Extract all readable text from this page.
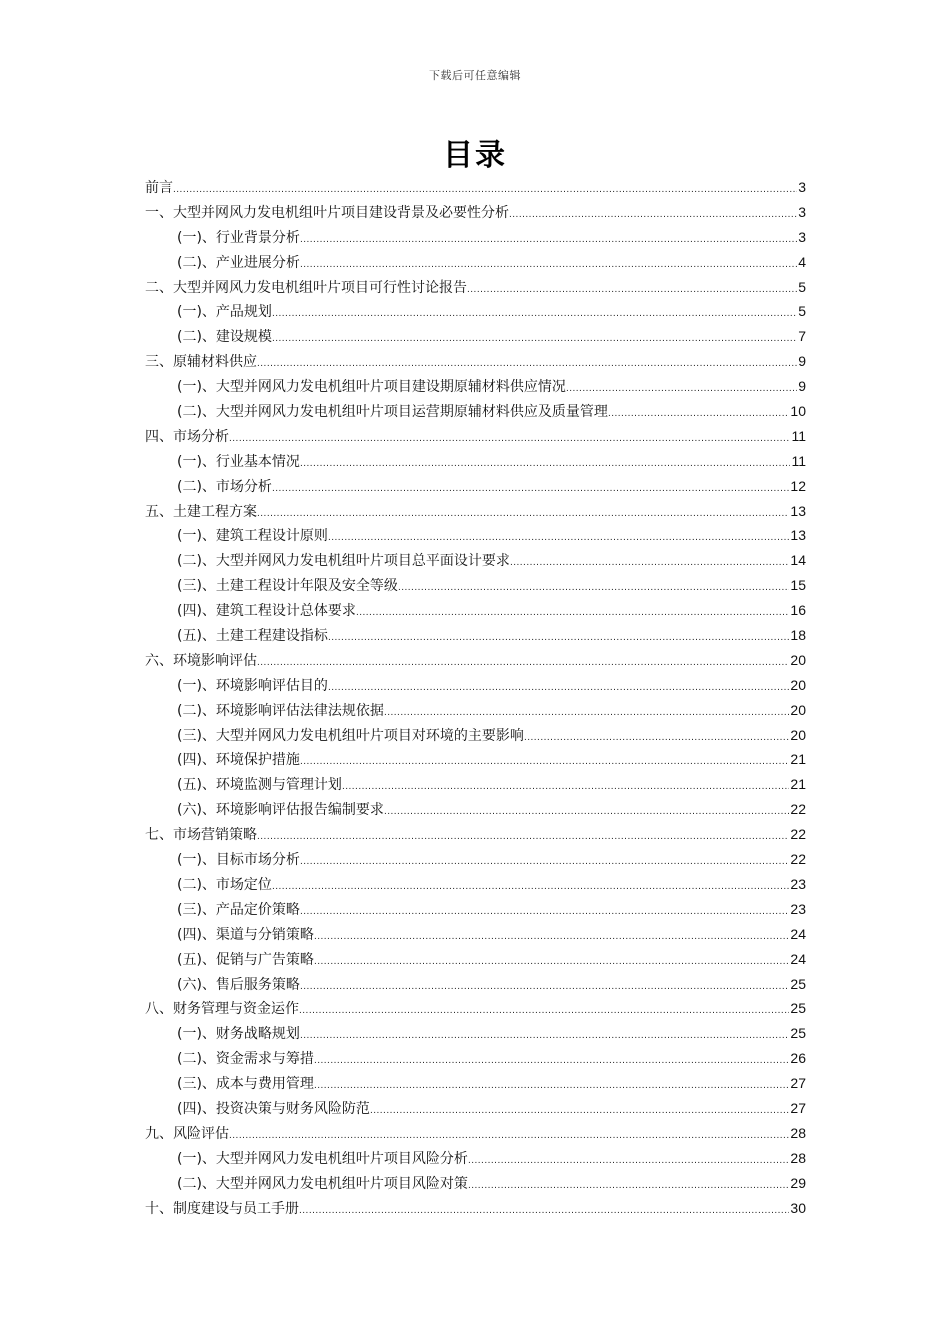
下载后可任意编辑
目录
前言 .....	3
一、大型并网风力发电机组叶片项目建设背景及必要性分析 .....	3
(一)、行业背景分析 .....	3
(二)、产业进展分析 .....	4
二、大型并网风力发电机组叶片项目可行性讨论报告 .....	5
(一)、产品规划 .....	5
(二)、建设规模 .....	7
三、原辅材料供应 .....	9
(一)、大型并网风力发电机组叶片项目建设期原辅材料供应情况 .....	9
(二)、大型并网风力发电机组叶片项目运营期原辅材料供应及质量管理 .....	10
四、市场分析 .....	11
(一)、行业基本情况 .....	11
(二)、市场分析 .....	12
五、土建工程方案 .....	13
(一)、建筑工程设计原则 .....	13
(二)、大型并网风力发电机组叶片项目总平面设计要求 .....	14
(三)、土建工程设计年限及安全等级 .....	15
(四)、建筑工程设计总体要求 .....	16
(五)、土建工程建设指标 .....	18
六、环境影响评估 .....	20
(一)、环境影响评估目的 .....	20
(二)、环境影响评估法律法规依据 .....	20
(三)、大型并网风力发电机组叶片项目对环境的主要影响 .....	20
(四)、环境保护措施 .....	21
(五)、环境监测与管理计划 .....	21
(六)、环境影响评估报告编制要求 .....	22
七、市场营销策略 .....	22
(一)、目标市场分析 .....	22
(二)、市场定位 .....	23
(三)、产品定价策略 .....	23
(四)、渠道与分销策略 .....	24
(五)、促销与广告策略 .....	24
(六)、售后服务策略 .....	25
八、财务管理与资金运作 .....	25
(一)、财务战略规划 .....	25
(二)、资金需求与筹措 .....	26
(三)、成本与费用管理 .....	27
(四)、投资决策与财务风险防范 .....	27
九、风险评估 .....	28
(一)、大型并网风力发电机组叶片项目风险分析 .....	28
(二)、大型并网风力发电机组叶片项目风险对策 .....	29
十、制度建设与员工手册 .....	30
